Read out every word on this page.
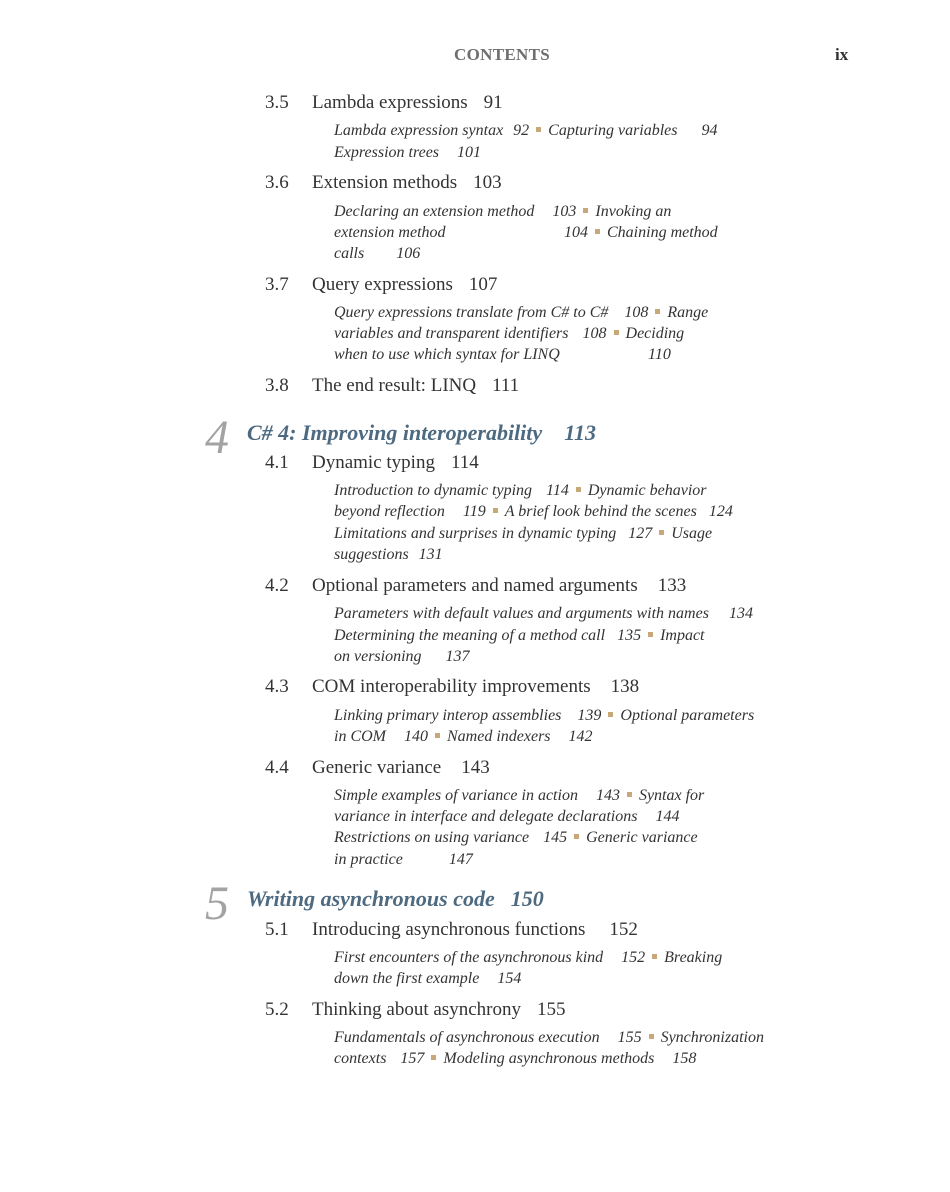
CONTENTS	ix
3.5 Lambda expressions 91
Lambda expression syntax 92 Capturing variables 94
Expression trees 101
3.6 Extension methods 103
Declaring an extension method 103 Invoking an
extension method	104 Chaining method
calls 106
3.7 Query expressions 107
Query expressions translate from C# to C# 108 Range
variables and transparent identifiers 108 Deciding
when to use which syntax for LINQ	110
3.8 The end result: LINQ 111
4 C# 4: Improving interoperability 113
4.1 Dynamic typing 114
Introduction to dynamic typing 114 Dynamic behavior
beyond reflection 119 A brief look behind the scenes 124
Limitations and surprises in dynamic typing 127 Usage
suggestions 131
4.2 Optional parameters and named arguments 133
Parameters with default values and arguments with names 134
Determining the meaning of a method call 135 Impact
on versioning 137
4.3 COM interoperability improvements 138
Linking primary interop assemblies 139 Optional parameters
in COM 140 Named indexers 142
4.4 Generic variance 143
Simple examples of variance in action 143 Syntax for
variance in interface and delegate declarations 144
Restrictions on using variance 145 Generic variance
in practice	147
5 Writing asynchronous code 150
5.1 Introducing asynchronous functions 152
First encounters of the asynchronous kind 152 Breaking
down the first example 154
5.2 Thinking about asynchrony 155
Fundamentals of asynchronous execution 155 Synchronization
contexts 157 Modeling asynchronous methods 158
